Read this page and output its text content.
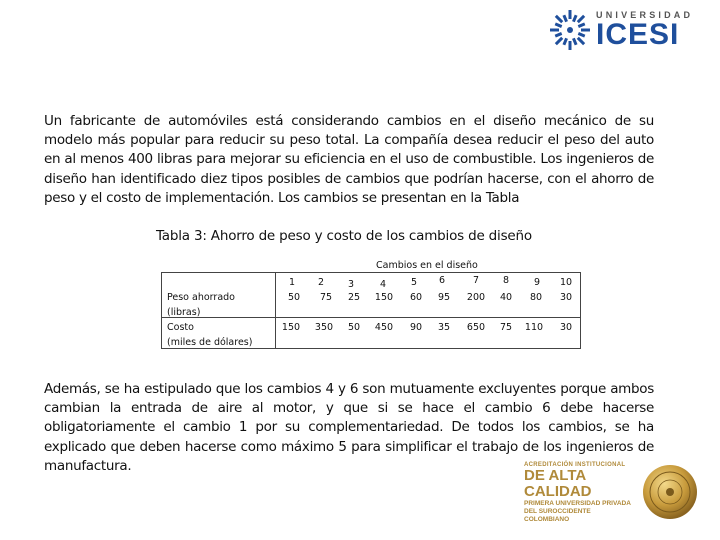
UNIVERSIDAD
ICESI
Un fabricante de automóviles está considerando cambios en el diseño mecánico de su modelo más popular para reducir su peso total. La compañía desea reducir el peso del auto en al menos 400 libras para mejorar su eficiencia en el uso de combustible. Los ingenieros de diseño han identificado diez tipos posibles de cambios que podrían hacerse, con el ahorro de peso y el costo de implementación. Los cambios se presentan en la Tabla
Tabla 3: Ahorro de peso y costo de los cambios de diseño
Cambios en el diseño
1	2	3	4	5	6	7	8	9	10
Peso ahorrado
(libras)
50	75	25	150	60	95	200	40	80	30
Costo
(miles de dólares)
150	350	50	450	90	35	650	75	110	30
Además, se ha estipulado que los cambios 4 y 6 son mutuamente excluyentes porque ambos cambian la entrada de aire al motor, y que si se hace el cambio 6 debe hacerse obligatoriamente el cambio 1 por su complementariedad. De todos los cambios, se ha explicado que deben hacerse como máximo 5 para simplificar el trabajo de los ingenieros de manufactura.	ACREDITACIÓN INSTITUCIONAL
DE ALTA CALIDAD
PRIMERA UNIVERSIDAD PRIVADA
DEL SUROCCIDENTE COLOMBIANO
